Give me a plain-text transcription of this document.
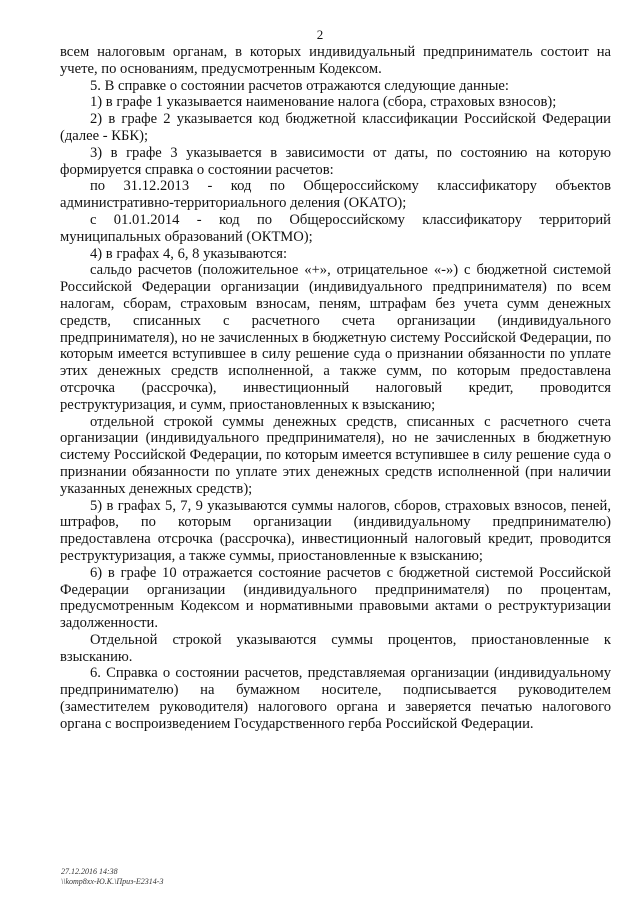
2

всем налоговым органам, в которых индивидуальный предприниматель состоит на учете, по основаниям, предусмотренным Кодексом.

5. В справке о состоянии расчетов отражаются следующие данные:

1) в графе 1 указывается наименование налога (сбора, страховых взносов);

2) в графе 2 указывается код бюджетной классификации Российской Федерации (далее - КБК);

3) в графе 3 указывается в зависимости от даты, по состоянию на которую формируется справка о состоянии расчетов:

по 31.12.2013 - код по Общероссийскому классификатору объектов административно-территориального деления (ОКАТО);

с 01.01.2014 - код по Общероссийскому классификатору территорий муниципальных образований (ОКТМО);

4) в графах 4, 6, 8 указываются:

сальдо расчетов (положительное «+», отрицательное «-») с бюджетной системой Российской Федерации организации (индивидуального предпринимателя) по всем налогам, сборам, страховым взносам, пеням, штрафам без учета сумм денежных средств, списанных с расчетного счета организации (индивидуального предпринимателя), но не зачисленных в бюджетную систему Российской Федерации, по которым имеется вступившее в силу решение суда о признании обязанности по уплате этих денежных средств исполненной, а также сумм, по которым предоставлена отсрочка (рассрочка), инвестиционный налоговый кредит, проводится реструктуризация, и сумм, приостановленных к взысканию;

отдельной строкой суммы денежных средств, списанных с расчетного счета организации (индивидуального предпринимателя), но не зачисленных в бюджетную систему Российской Федерации, по которым имеется вступившее в силу решение суда о признании обязанности по уплате этих денежных средств исполненной (при наличии указанных денежных средств);

5) в графах 5, 7, 9 указываются суммы налогов, сборов, страховых взносов, пеней, штрафов, по которым организации (индивидуальному предпринимателю) предоставлена отсрочка (рассрочка), инвестиционный налоговый кредит, проводится реструктуризация, а также суммы, приостановленные к взысканию;

6) в графе 10 отражается состояние расчетов с бюджетной системой Российской Федерации организации (индивидуального предпринимателя) по процентам, предусмотренным Кодексом и нормативными правовыми актами о реструктуризации задолженности.

Отдельной строкой указываются суммы процентов, приостановленные к взысканию.

6. Справка о состоянии расчетов, представляемая организации (индивидуальному предпринимателю) на бумажном носителе, подписывается руководителем (заместителем руководителя) налогового органа и заверяется печатью налогового органа с воспроизведением Государственного герба Российской Федерации.

27.12.2016 14:38
\\komp8xx-Ю.К.\Приз-Е2314-3
